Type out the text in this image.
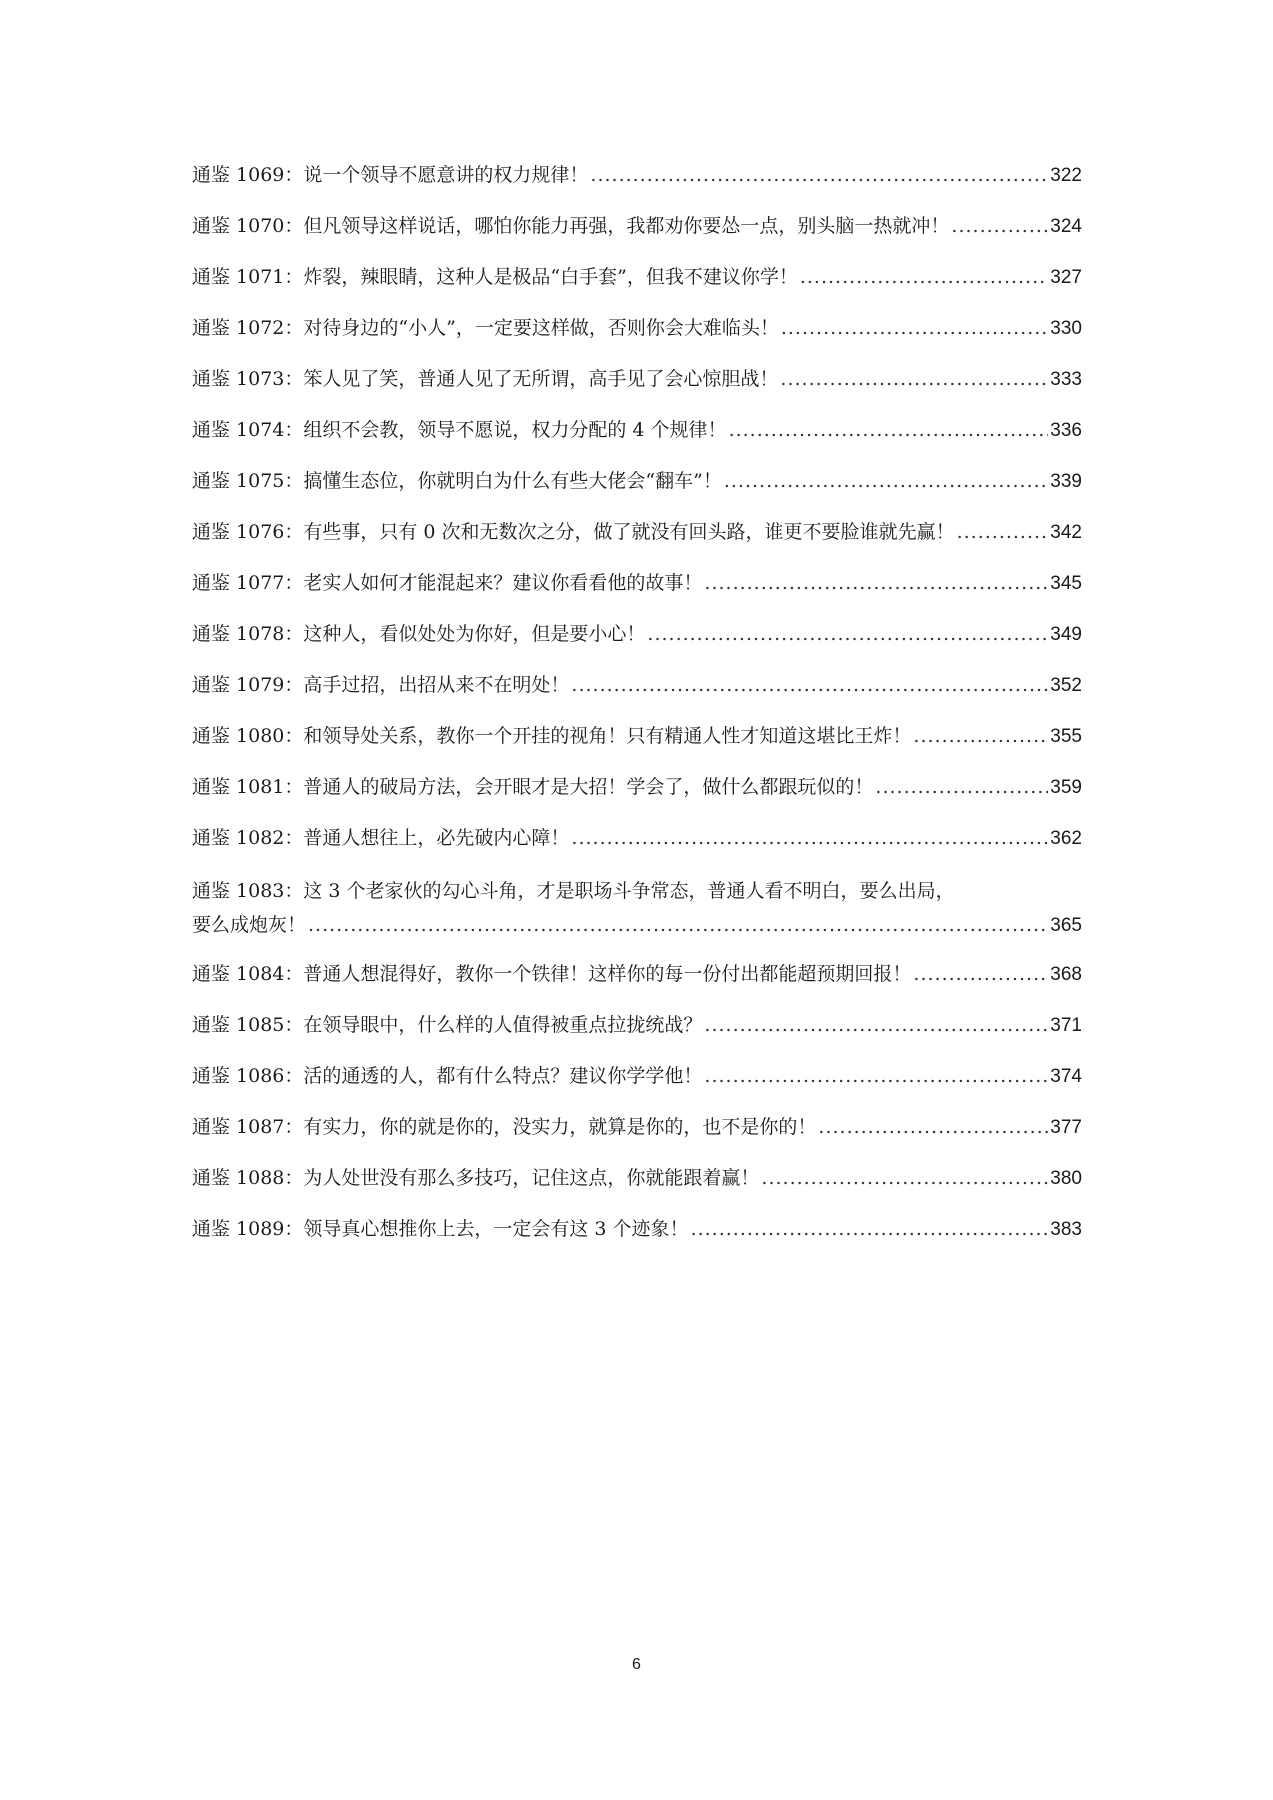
通鉴 1069：说一个领导不愿意讲的权力规律！ .....	322
通鉴 1070：但凡领导这样说话，哪怕你能力再强，我都劝你要怂一点，别头脑一热就冲！ .....	324
通鉴 1071：炸裂，辣眼睛，这种人是极品“白手套”，但我不建议你学！ .....	327
通鉴 1072：对待身边的“小人”，一定要这样做，否则你会大难临头！ .....	330
通鉴 1073：笨人见了笑，普通人见了无所谓，高手见了会心惊胆战！ .....	333
通鉴 1074：组织不会教，领导不愿说，权力分配的 4 个规律！ .....	336
通鉴 1075：搞懂生态位，你就明白为什么有些大佬会“翻车”！ .....	339
通鉴 1076：有些事，只有 0 次和无数次之分，做了就没有回头路，谁更不要脸谁就先赢！ .....	342
通鉴 1077：老实人如何才能混起来？建议你看看他的故事！ .....	345
通鉴 1078：这种人，看似处处为你好，但是要小心！ .....	349
通鉴 1079：高手过招，出招从来不在明处！ .....	352
通鉴 1080：和领导处关系，教你一个开挂的视角！只有精通人性才知道这堪比王炸！ .....	355
通鉴 1081：普通人的破局方法，会开眼才是大招！学会了，做什么都跟玩似的！ .....	359
通鉴 1082：普通人想往上，必先破内心障！ .....	362
通鉴 1083：这 3 个老家伙的勾心斗角，才是职场斗争常态，普通人看不明白，要么出局，
要么成炮灰！ .....	365
通鉴 1084：普通人想混得好，教你一个铁律！这样你的每一份付出都能超预期回报！ .....	368
通鉴 1085：在领导眼中，什么样的人值得被重点拉拢统战？ .....	371
通鉴 1086：活的通透的人，都有什么特点？建议你学学他！ .....	374
通鉴 1087：有实力，你的就是你的，没实力，就算是你的，也不是你的！ .....	377
通鉴 1088：为人处世没有那么多技巧，记住这点，你就能跟着赢！ .....	380
通鉴 1089：领导真心想推你上去，一定会有这 3 个迹象！ .....	383
6
